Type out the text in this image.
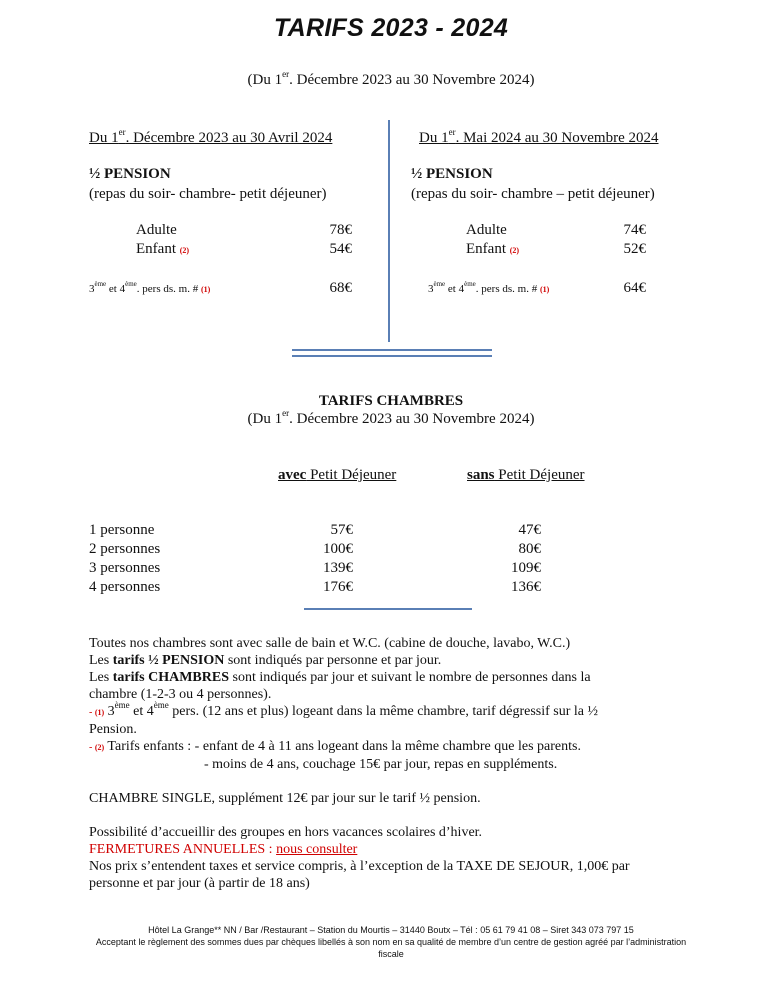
TARIFS 2023 - 2024
(Du 1er. Décembre 2023 au 30 Novembre 2024)
Du 1er. Décembre 2023 au 30 Avril 2024
½ PENSION
(repas du soir- chambre- petit déjeuner)
Adulte	78€
Enfant (2)	54€
3ème et 4ème. pers ds. m. # (1)	68€
Du 1er. Mai 2024 au 30 Novembre 2024
½ PENSION
(repas du soir- chambre – petit déjeuner)
Adulte	74€
Enfant (2)	52€
3ème et 4ème. pers ds. m. # (1)	64€
TARIFS CHAMBRES
(Du 1er. Décembre 2023 au 30 Novembre 2024)
avec Petit Déjeuner	sans Petit Déjeuner
1 personne	57€	47€
2 personnes	100€	80€
3 personnes	139€	109€
4 personnes	176€	136€
Toutes nos chambres sont avec salle de bain et W.C. (cabine de douche, lavabo, W.C.)
Les tarifs ½ PENSION sont indiqués par personne et par jour.
Les tarifs CHAMBRES sont indiqués par jour et suivant le nombre de personnes dans la
chambre (1-2-3 ou 4 personnes).
- (1) 3ème et 4ème pers. (12 ans et plus) logeant dans la même chambre, tarif dégressif sur la ½
Pension.
- (2) Tarifs enfants : - enfant de 4 à 11 ans logeant dans la même chambre que les parents.
- moins de 4 ans, couchage 15€ par jour, repas en suppléments.
CHAMBRE SINGLE, supplément 12€ par jour sur le tarif ½ pension.
Possibilité d’accueillir des groupes en hors vacances scolaires d’hiver.
FERMETURES ANNUELLES : nous consulter
Nos prix s’entendent taxes et service compris, à l’exception de la TAXE DE SEJOUR, 1,00€ par
personne et par jour (à partir de 18 ans)
Hôtel La Grange** NN / Bar /Restaurant – Station du Mourtis – 31440 Boutx – Tél : 05 61 79 41 08 – Siret 343 073 797 15
Acceptant le règlement des sommes dues par chèques libellés à son nom en sa qualité de membre d’un centre de gestion agréé par l’administration
fiscale
